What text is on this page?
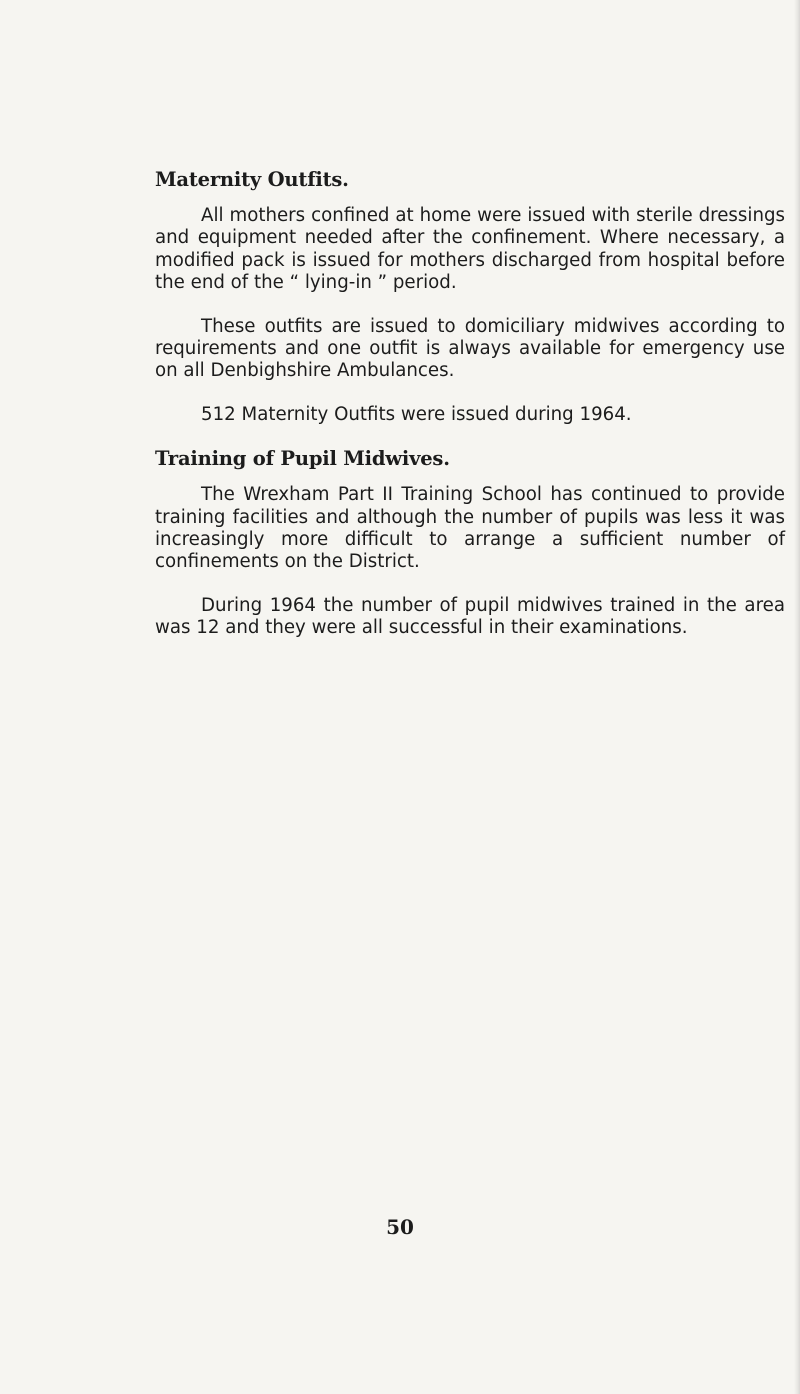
Maternity Outfits.

All mothers confined at home were issued with sterile dressings and equipment needed after the confinement. Where necessary, a modified pack is issued for mothers discharged from hospital before the end of the “ lying-in ” period.

These outfits are issued to domiciliary midwives according to requirements and one outfit is always available for emergency use on all Denbighshire Ambulances.

512 Maternity Outfits were issued during 1964.

Training of Pupil Midwives.

The Wrexham Part II Training School has continued to provide training facilities and although the number of pupils was less it was increasingly more difficult to arrange a sufficient number of confinements on the District.

During 1964 the number of pupil midwives trained in the area was 12 and they were all successful in their examinations.

50
